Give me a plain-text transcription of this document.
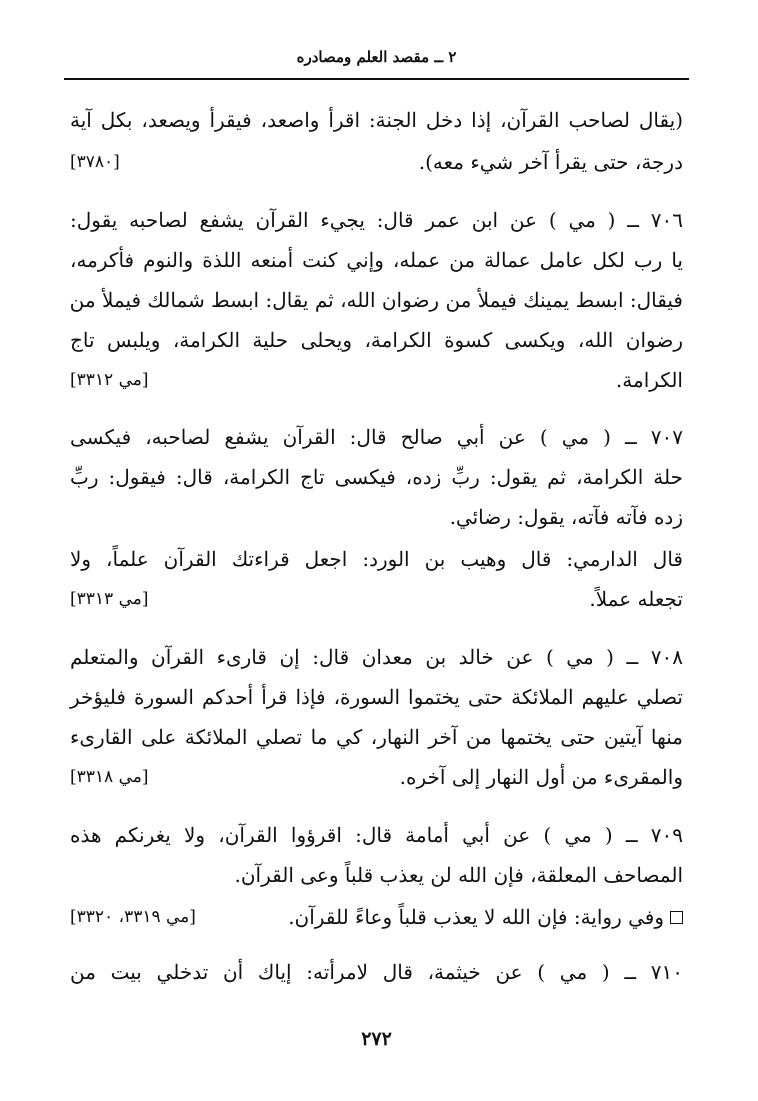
٢ ــ مقصد العلم ومصادره
(يقال لصاحب القرآن، إذا دخل الجنة: اقرأ واصعد، فيقرأ ويصعد، بكل آية
درجة، حتى يقرأ آخر شيء معه).
[٣٧٨٠]
٧٠٦ ــ ( مي ) عن ابن عمر قال: يجيء القرآن يشفع لصاحبه يقول:
يا رب لكل عامل عمالة من عمله، وإني كنت أمنعه اللذة والنوم فأكرمه،
فيقال: ابسط يمينك فيملأ من رضوان الله، ثم يقال: ابسط شمالك فيملأ من
رضوان الله، ويكسى كسوة الكرامة، ويحلى حلية الكرامة، ويلبس تاج
الكرامة.
[مي ٣٣١٢]
٧٠٧ ــ ( مي ) عن أبي صالح قال: القرآن يشفع لصاحبه، فيكسى
حلة الكرامة، ثم يقول: ربِّ زده، فيكسى تاج الكرامة، قال: فيقول: ربِّ
زده فآته فآته، يقول: رضائي.
قال الدارمي: قال وهيب بن الورد: اجعل قراءتك القرآن علماً، ولا
تجعله عملاً.
[مي ٣٣١٣]
٧٠٨ ــ ( مي ) عن خالد بن معدان قال: إن قارىء القرآن والمتعلم
تصلي عليهم الملائكة حتى يختموا السورة، فإذا قرأ أحدكم السورة فليؤخر
منها آيتين حتى يختمها من آخر النهار، كي ما تصلي الملائكة على القارىء
والمقرىء من أول النهار إلى آخره.
[مي ٣٣١٨]
٧٠٩ ــ ( مي ) عن أبي أمامة قال: اقرؤوا القرآن، ولا يغرنكم هذه
المصاحف المعلقة، فإن الله لن يعذب قلباً وعى القرآن.
وفي رواية: فإن الله لا يعذب قلباً وعاءً للقرآن.
[مي ٣٣١٩، ٣٣٢٠]
٧١٠ ــ ( مي ) عن خيثمة، قال لامرأته: إياك أن تدخلي بيت من
٢٧٢
